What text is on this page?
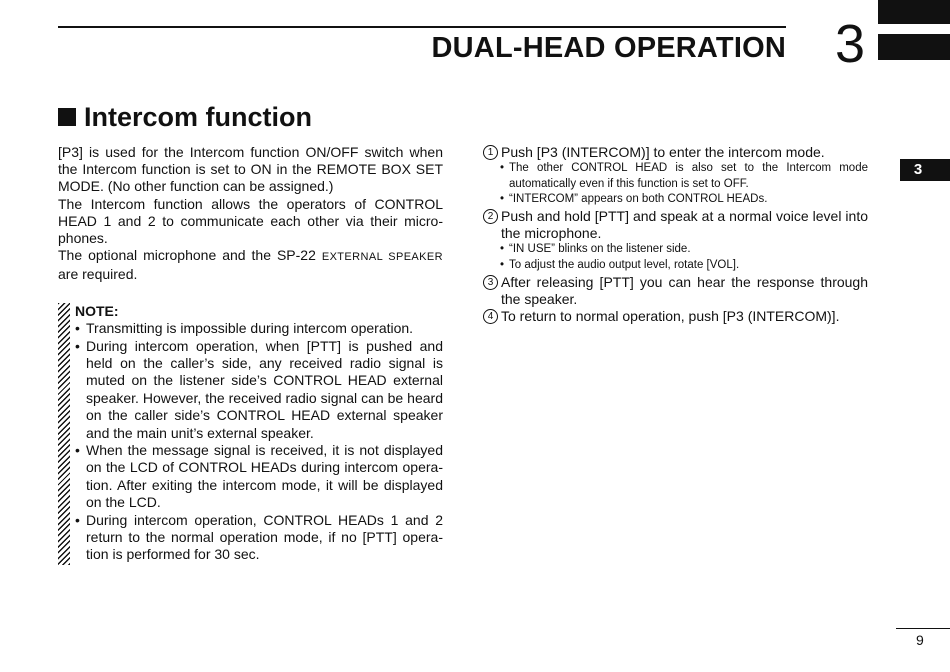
DUAL-HEAD OPERATION 3
3
Intercom function

[P3] is used for the Intercom function ON/OFF switch when the Intercom function is set to ON in the REMOTE BOX SET MODE. (No other function can be assigned.)

The Intercom function allows the operators of CONTROL HEAD 1 and 2 to communicate each other via their microphones.

The optional microphone and the SP-22 EXTERNAL SPEAKER are required.

NOTE:

• Transmitting is impossible during intercom operation.

• During intercom operation, when [PTT] is pushed and held on the caller’s side, any received radio signal is muted on the listener side’s CONTROL HEAD external speaker. However, the received radio signal can be heard on the caller side’s CONTROL HEAD external speaker and the main unit’s external speaker.

• When the message signal is received, it is not displayed on the LCD of CONTROL HEADs during intercom operation. After exiting the intercom mode, it will be displayed on the LCD.

• During intercom operation, CONTROL HEADs 1 and 2 return to the normal operation mode, if no [PTT] operation is performed for 30 sec.

1 Push [P3 (INTERCOM)] to enter the intercom mode.

• The other CONTROL HEAD is also set to the Intercom mode automatically even if this function is set to OFF.

• “INTERCOM” appears on both CONTROL HEADs.

2 Push and hold [PTT] and speak at a normal voice level into the microphone.

• “IN USE” blinks on the listener side.

• To adjust the audio output level, rotate [VOL].

3 After releasing [PTT] you can hear the response through the speaker.

4 To return to normal operation, push [P3 (INTERCOM)].

9
